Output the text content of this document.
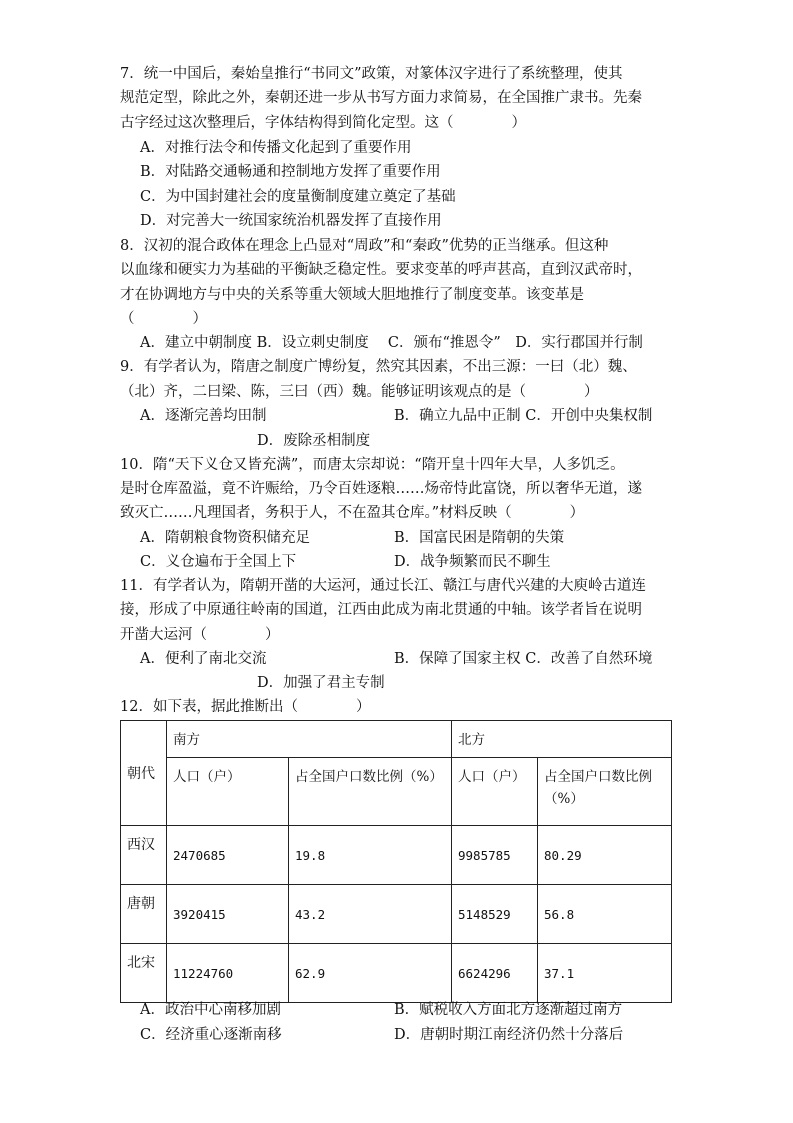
7．统一中国后，秦始皇推行“书同文”政策，对篆体汉字进行了系统整理，使其
规范定型，除此之外，秦朝还进一步从书写方面力求简易，在全国推广隶书。先秦
古字经过这次整理后，字体结构得到简化定型。这（　　　　）
A．对推行法令和传播文化起到了重要作用
B．对陆路交通畅通和控制地方发挥了重要作用
C．为中国封建社会的度量衡制度建立奠定了基础
D．对完善大一统国家统治机器发挥了直接作用
8．汉初的混合政体在理念上凸显对“周政”和“秦政”优势的正当继承。但这种
以血缘和硬实力为基础的平衡缺乏稳定性。要求变革的呼声甚高，直到汉武帝时，
才在协调地方与中央的关系等重大领域大胆地推行了制度变革。该变革是
（　　　　）
A．建立中朝制度 B．设立刺史制度　 C．颁布“推恩令”　D．实行郡国并行制
9．有学者认为，隋唐之制度广博纷复，然究其因素，不出三源：一曰（北）魏、
（北）齐，二曰梁、陈，三曰（西）魏。能够证明该观点的是（　　　　）
A．逐渐完善均田制	B．确立九品中正制 C．开创中央集权制
D．废除丞相制度
10．隋“天下义仓又皆充满”，而唐太宗却说：“隋开皇十四年大旱，人多饥乏。
是时仓库盈溢，竟不许赈给，乃令百姓逐粮……炀帝恃此富饶，所以奢华无道，遂
致灭亡……凡理国者，务积于人，不在盈其仓库。”材料反映（　　　　）
A．隋朝粮食物资积储充足	B．国富民困是隋朝的失策
C．义仓遍布于全国上下	D．战争频繁而民不聊生
11．有学者认为，隋朝开凿的大运河，通过长江、赣江与唐代兴建的大庾岭古道连
接，形成了中原通往岭南的国道，江西由此成为南北贯通的中轴。该学者旨在说明
开凿大运河（　　　　）
A．便利了南北交流	B．保障了国家主权 C．改善了自然环境
D．加强了君主专制
12．如下表，据此推断出（　　　　）
朝代	南方		北方	
	人口（户）	占全国户口数比例（%）	人口（户）	占全国户口数比例（%）
西汉	2470685	19.8	9985785	80.29
唐朝	3920415	43.2	5148529	56.8
北宋	11224760	62.9	6624296	37.1
A．政治中心南移加剧	B．赋税收入方面北方逐渐超过南方
C．经济重心逐渐南移	D．唐朝时期江南经济仍然十分落后
